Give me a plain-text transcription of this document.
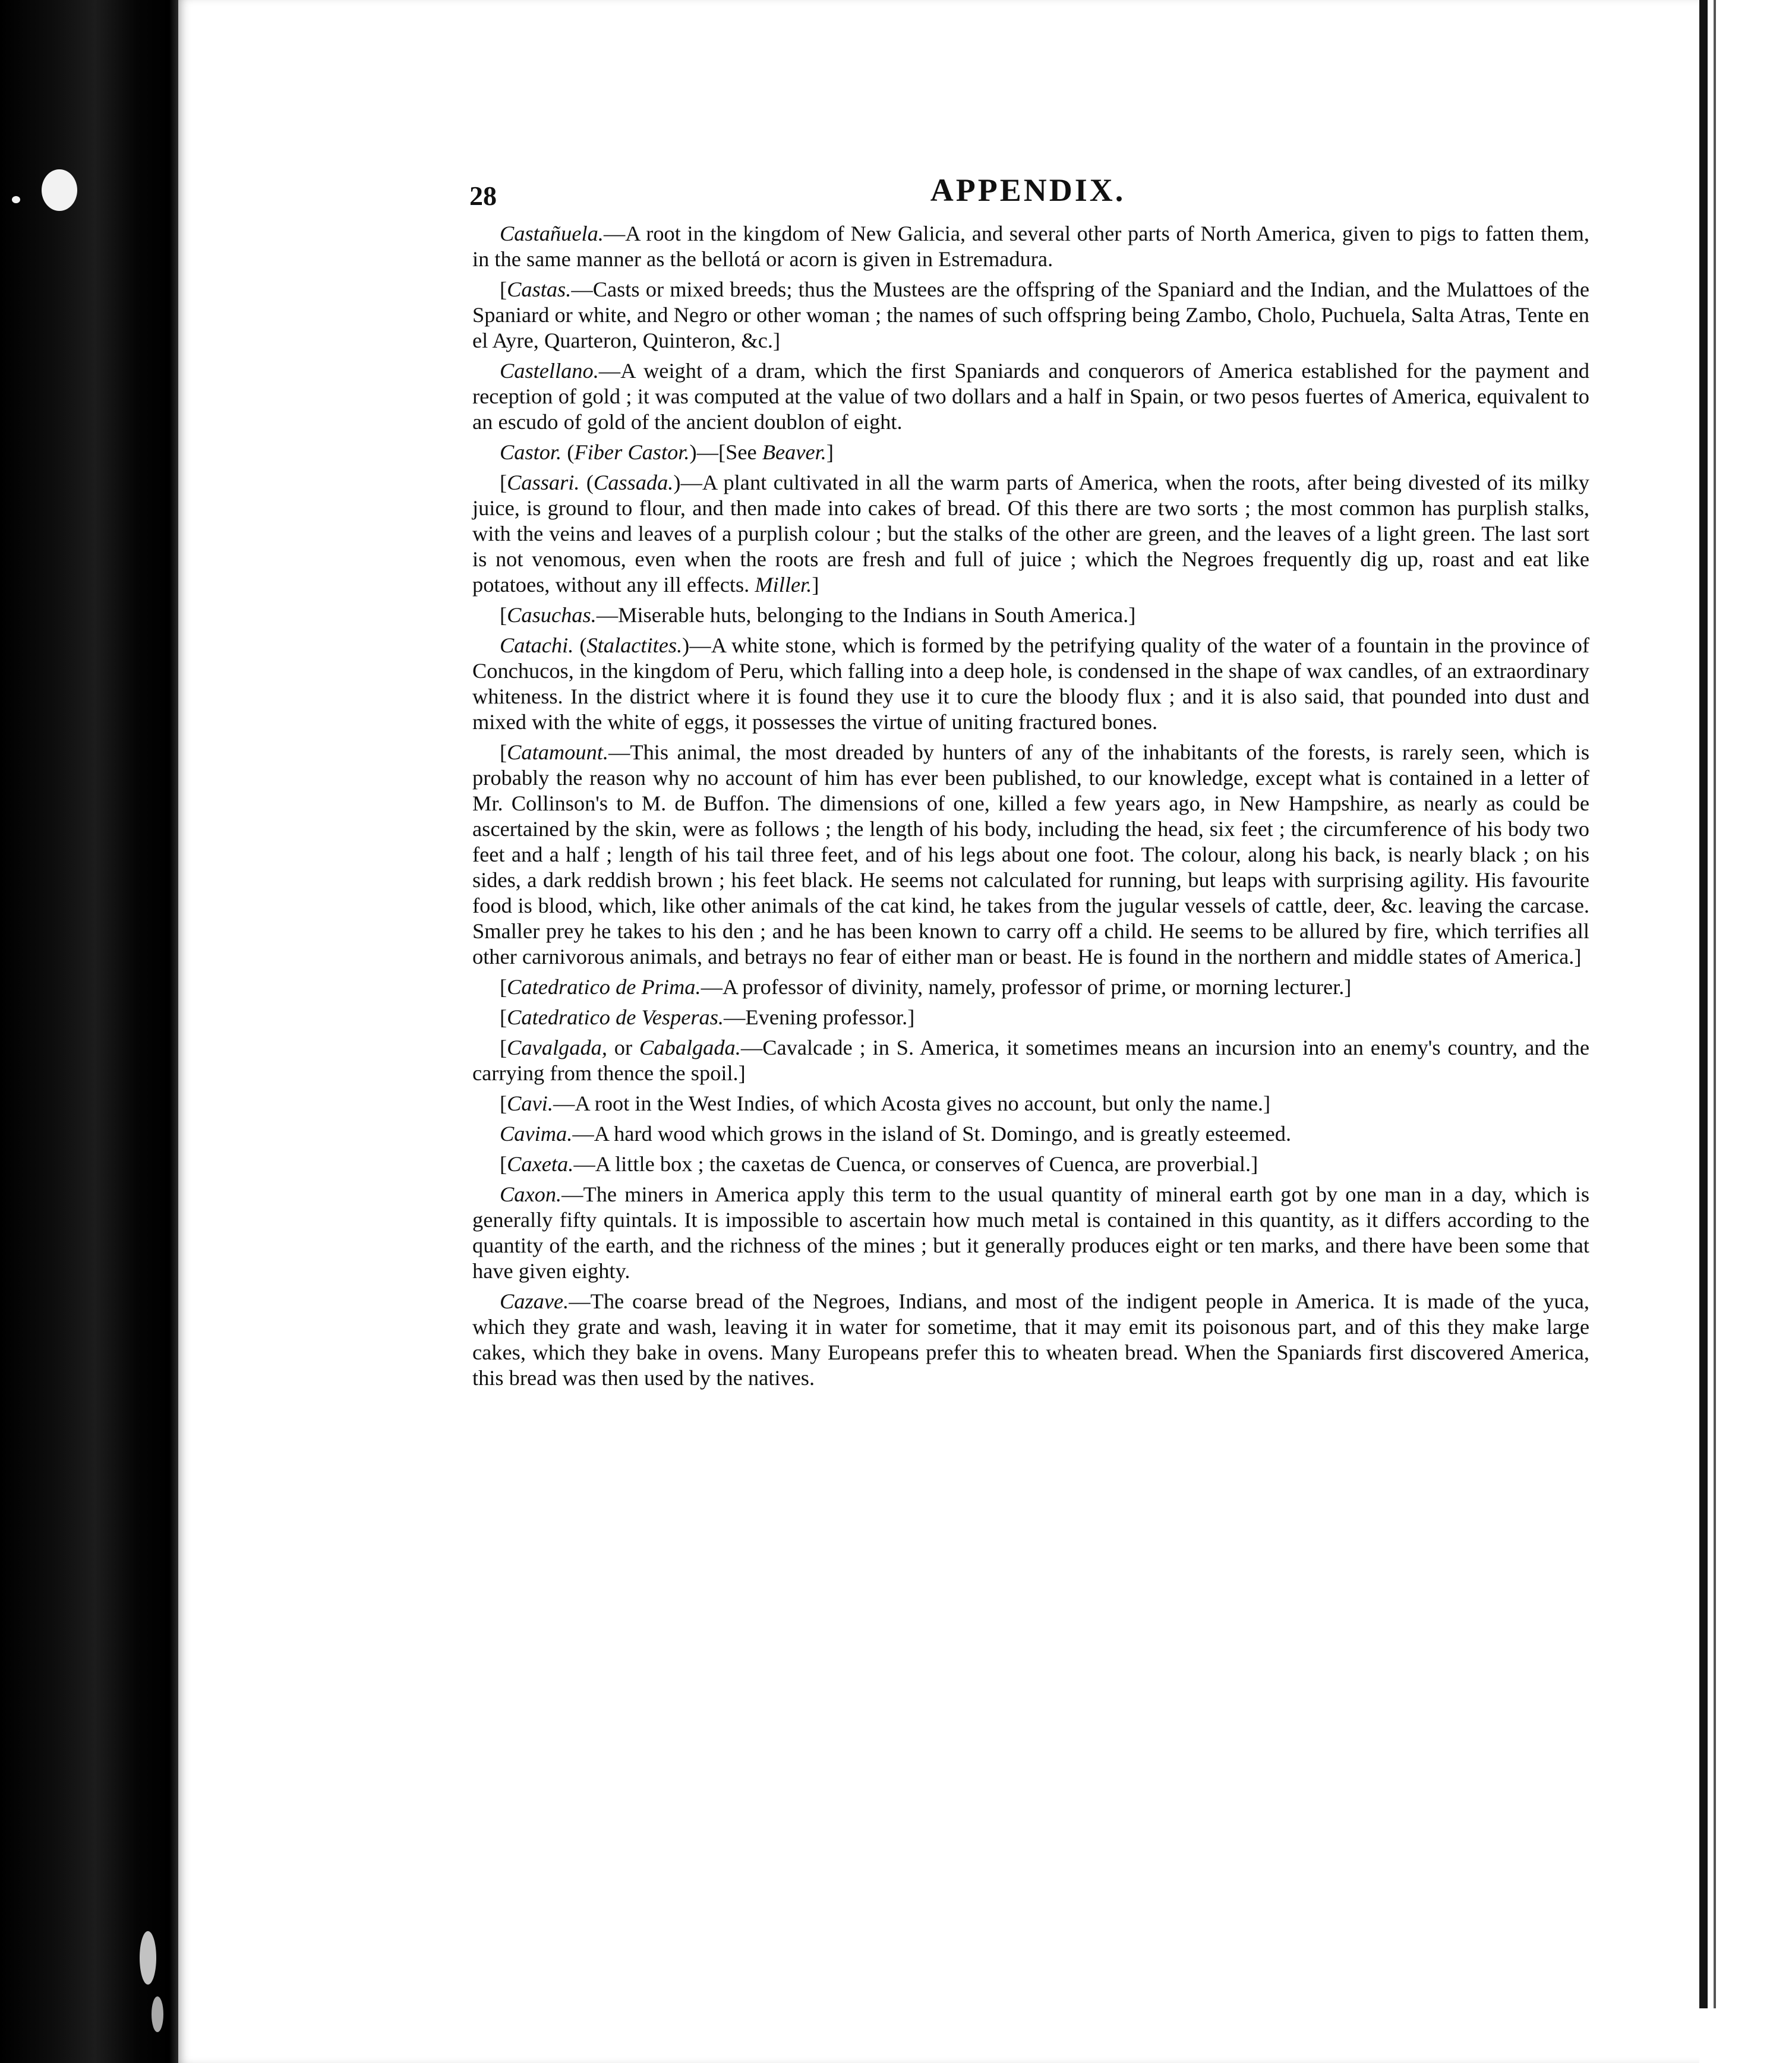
28	APPENDIX.

Castañuela.—A root in the kingdom of New Galicia, and several other parts of North America, given to pigs to fatten them, in the same manner as the bellotá or acorn is given in Estremadura.

[Castas.—Casts or mixed breeds; thus the Mustees are the offspring of the Spaniard and the Indian, and the Mulattoes of the Spaniard or white, and Negro or other woman ; the names of such offspring being Zambo, Cholo, Puchuela, Salta Atras, Tente en el Ayre, Quarteron, Quinteron, &c.]

Castellano.—A weight of a dram, which the first Spaniards and conquerors of America established for the payment and reception of gold ; it was computed at the value of two dollars and a half in Spain, or two pesos fuertes of America, equivalent to an escudo of gold of the ancient doublon of eight.

Castor. (Fiber Castor.)—[See Beaver.]

[Cassari. (Cassada.)—A plant cultivated in all the warm parts of America, when the roots, after being divested of its milky juice, is ground to flour, and then made into cakes of bread. Of this there are two sorts ; the most common has purplish stalks, with the veins and leaves of a purplish colour ; but the stalks of the other are green, and the leaves of a light green. The last sort is not venomous, even when the roots are fresh and full of juice ; which the Negroes frequently dig up, roast and eat like potatoes, without any ill effects. Miller.]

[Casuchas.—Miserable huts, belonging to the Indians in South America.]

Catachi. (Stalactites.)—A white stone, which is formed by the petrifying quality of the water of a fountain in the province of Conchucos, in the kingdom of Peru, which falling into a deep hole, is condensed in the shape of wax candles, of an extraordinary whiteness. In the district where it is found they use it to cure the bloody flux ; and it is also said, that pounded into dust and mixed with the white of eggs, it possesses the virtue of uniting fractured bones.

[Catamount.—This animal, the most dreaded by hunters of any of the inhabitants of the forests, is rarely seen, which is probably the reason why no account of him has ever been published, to our knowledge, except what is contained in a letter of Mr. Collinson's to M. de Buffon. The dimensions of one, killed a few years ago, in New Hampshire, as nearly as could be ascertained by the skin, were as follows ; the length of his body, including the head, six feet ; the circumference of his body two feet and a half ; length of his tail three feet, and of his legs about one foot. The colour, along his back, is nearly black ; on his sides, a dark reddish brown ; his feet black. He seems not calculated for running, but leaps with surprising agility. His favourite food is blood, which, like other animals of the cat kind, he takes from the jugular vessels of cattle, deer, &c. leaving the carcase. Smaller prey he takes to his den ; and he has been known to carry off a child. He seems to be allured by fire, which terrifies all other carnivorous animals, and betrays no fear of either man or beast. He is found in the northern and middle states of America.]

[Catedratico de Prima.—A professor of divinity, namely, professor of prime, or morning lecturer.]

[Catedratico de Vesperas.—Evening professor.]

[Cavalgada, or Cabalgada.—Cavalcade ; in S. America, it sometimes means an incursion into an enemy's country, and the carrying from thence the spoil.]

[Cavi.—A root in the West Indies, of which Acosta gives no account, but only the name.]

Cavima.—A hard wood which grows in the island of St. Domingo, and is greatly esteemed.

[Caxeta.—A little box ; the caxetas de Cuenca, or conserves of Cuenca, are proverbial.]

Caxon.—The miners in America apply this term to the usual quantity of mineral earth got by one man in a day, which is generally fifty quintals. It is impossible to ascertain how much metal is contained in this quantity, as it differs according to the quantity of the earth, and the richness of the mines ; but it generally produces eight or ten marks, and there have been some that have given eighty.

Cazave.—The coarse bread of the Negroes, Indians, and most of the indigent people in America. It is made of the yuca, which they grate and wash, leaving it in water for sometime, that it may emit its poisonous part, and of this they make large cakes, which they bake in ovens. Many Europeans prefer this to wheaten bread. When the Spaniards first discovered America, this bread was then used by the natives.
